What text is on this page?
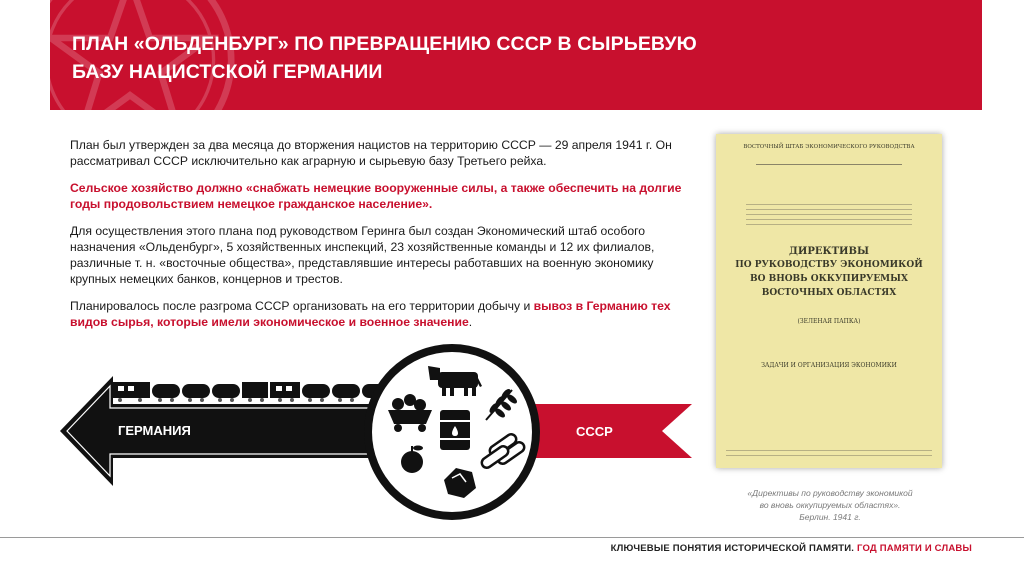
ПЛАН «ОЛЬДЕНБУРГ» ПО ПРЕВРАЩЕНИЮ СССР В СЫРЬЕВУЮ
БАЗУ НАЦИСТСКОЙ ГЕРМАНИИ

План был утвержден за два месяца до вторжения нацистов на территорию СССР — 29 апреля 1941 г. Он рассматривал СССР исключительно как аграрную и сырьевую базу Третьего рейха.

Сельское хозяйство должно «снабжать немецкие вооруженные силы, а также обеспечить на долгие годы продовольствием немецкое гражданское население».

Для осуществления этого плана под руководством Геринга был создан Экономический штаб особого назначения «Ольденбург», 5 хозяйственных инспекций, 23 хозяйственные команды и 12 их филиалов, различные т. н. «восточные общества», представлявшие интересы работавших на военную экономику крупных немецких банков, концернов и трестов.

Планировалось после разгрома СССР организовать на его территории добычу и вывоз в Германию тех видов сырья, которые имели экономическое и военное значение.

ГЕРМАНИЯ	СССР
ВОСТОЧНЫЙ ШТАБ ЭКОНОМИЧЕСКОГО РУКОВОДСТВА
ДИРЕКТИВЫ
ПО РУКОВОДСТВУ ЭКОНОМИКОЙ
ВО ВНОВЬ ОККУПИРУЕМЫХ
ВОСТОЧНЫХ ОБЛАСТЯХ
(ЗЕЛЕНАЯ ПАПКА)
ЗАДАЧИ И ОРГАНИЗАЦИЯ ЭКОНОМИКИ
«Директивы по руководству экономикой
во вновь оккупируемых областях».
Берлин. 1941 г.
КЛЮЧЕВЫЕ ПОНЯТИЯ ИСТОРИЧЕСКОЙ ПАМЯТИ. ГОД ПАМЯТИ И СЛАВЫ
